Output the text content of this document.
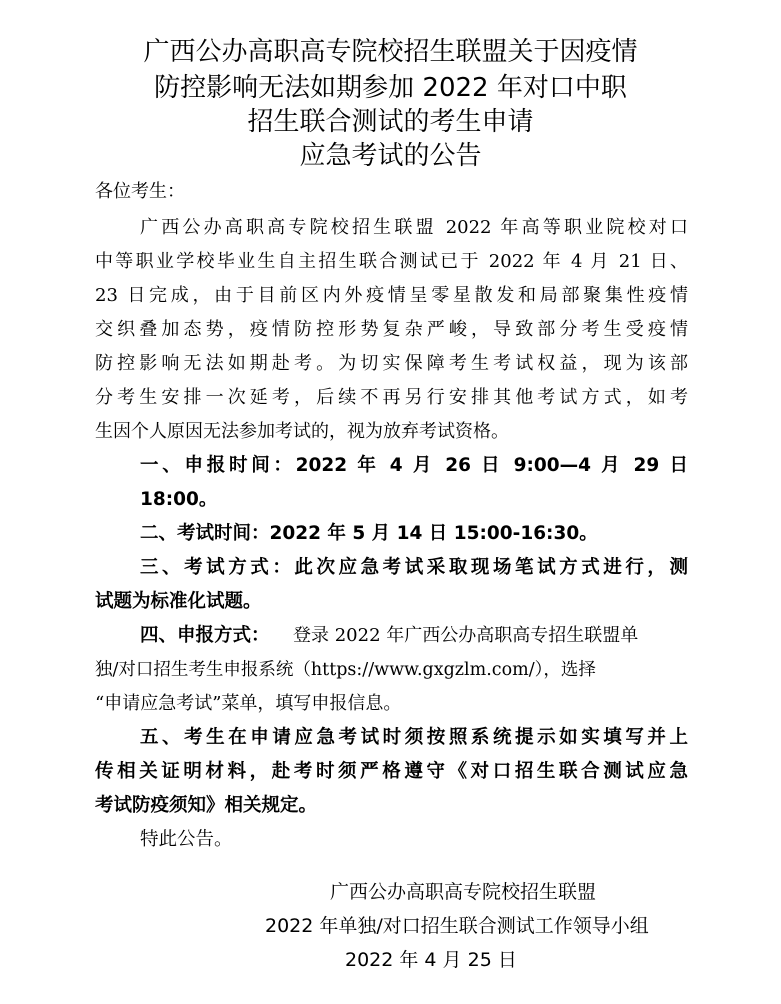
广西公办高职高专院校招生联盟关于因疫情
防控影响无法如期参加 2022 年对口中职
招生联合测试的考生申请
应急考试的公告
各位考生：
广西公办高职高专院校招生联盟 2022 年高等职业院校对口
中等职业学校毕业生自主招生联合测试已于 2022 年 4 月 21 日、
23 日完成，由于目前区内外疫情呈零星散发和局部聚集性疫情
交织叠加态势，疫情防控形势复杂严峻，导致部分考生受疫情
防控影响无法如期赴考。为切实保障考生考试权益，现为该部
分考生安排一次延考，后续不再另行安排其他考试方式，如考
生因个人原因无法参加考试的，视为放弃考试资格。
一、申报时间：2022 年 4 月 26 日 9:00—4 月 29 日
18:00。
二、考试时间：2022 年 5 月 14 日 15:00-16:30。
三、考试方式：此次应急考试采取现场笔试方式进行，测
试题为标准化试题。
四、申报方式： 登录 2022 年广西公办高职高专招生联盟单
独/对口招生考生申报系统（https://www.gxgzlm.com/），选择
“申请应急考试”菜单，填写申报信息。
五、考生在申请应急考试时须按照系统提示如实填写并上
传相关证明材料，赴考时须严格遵守《对口招生联合测试应急
考试防疫须知》相关规定。
特此公告。
广西公办高职高专院校招生联盟
2022 年单独/对口招生联合测试工作领导小组
2022 年 4 月 25 日
